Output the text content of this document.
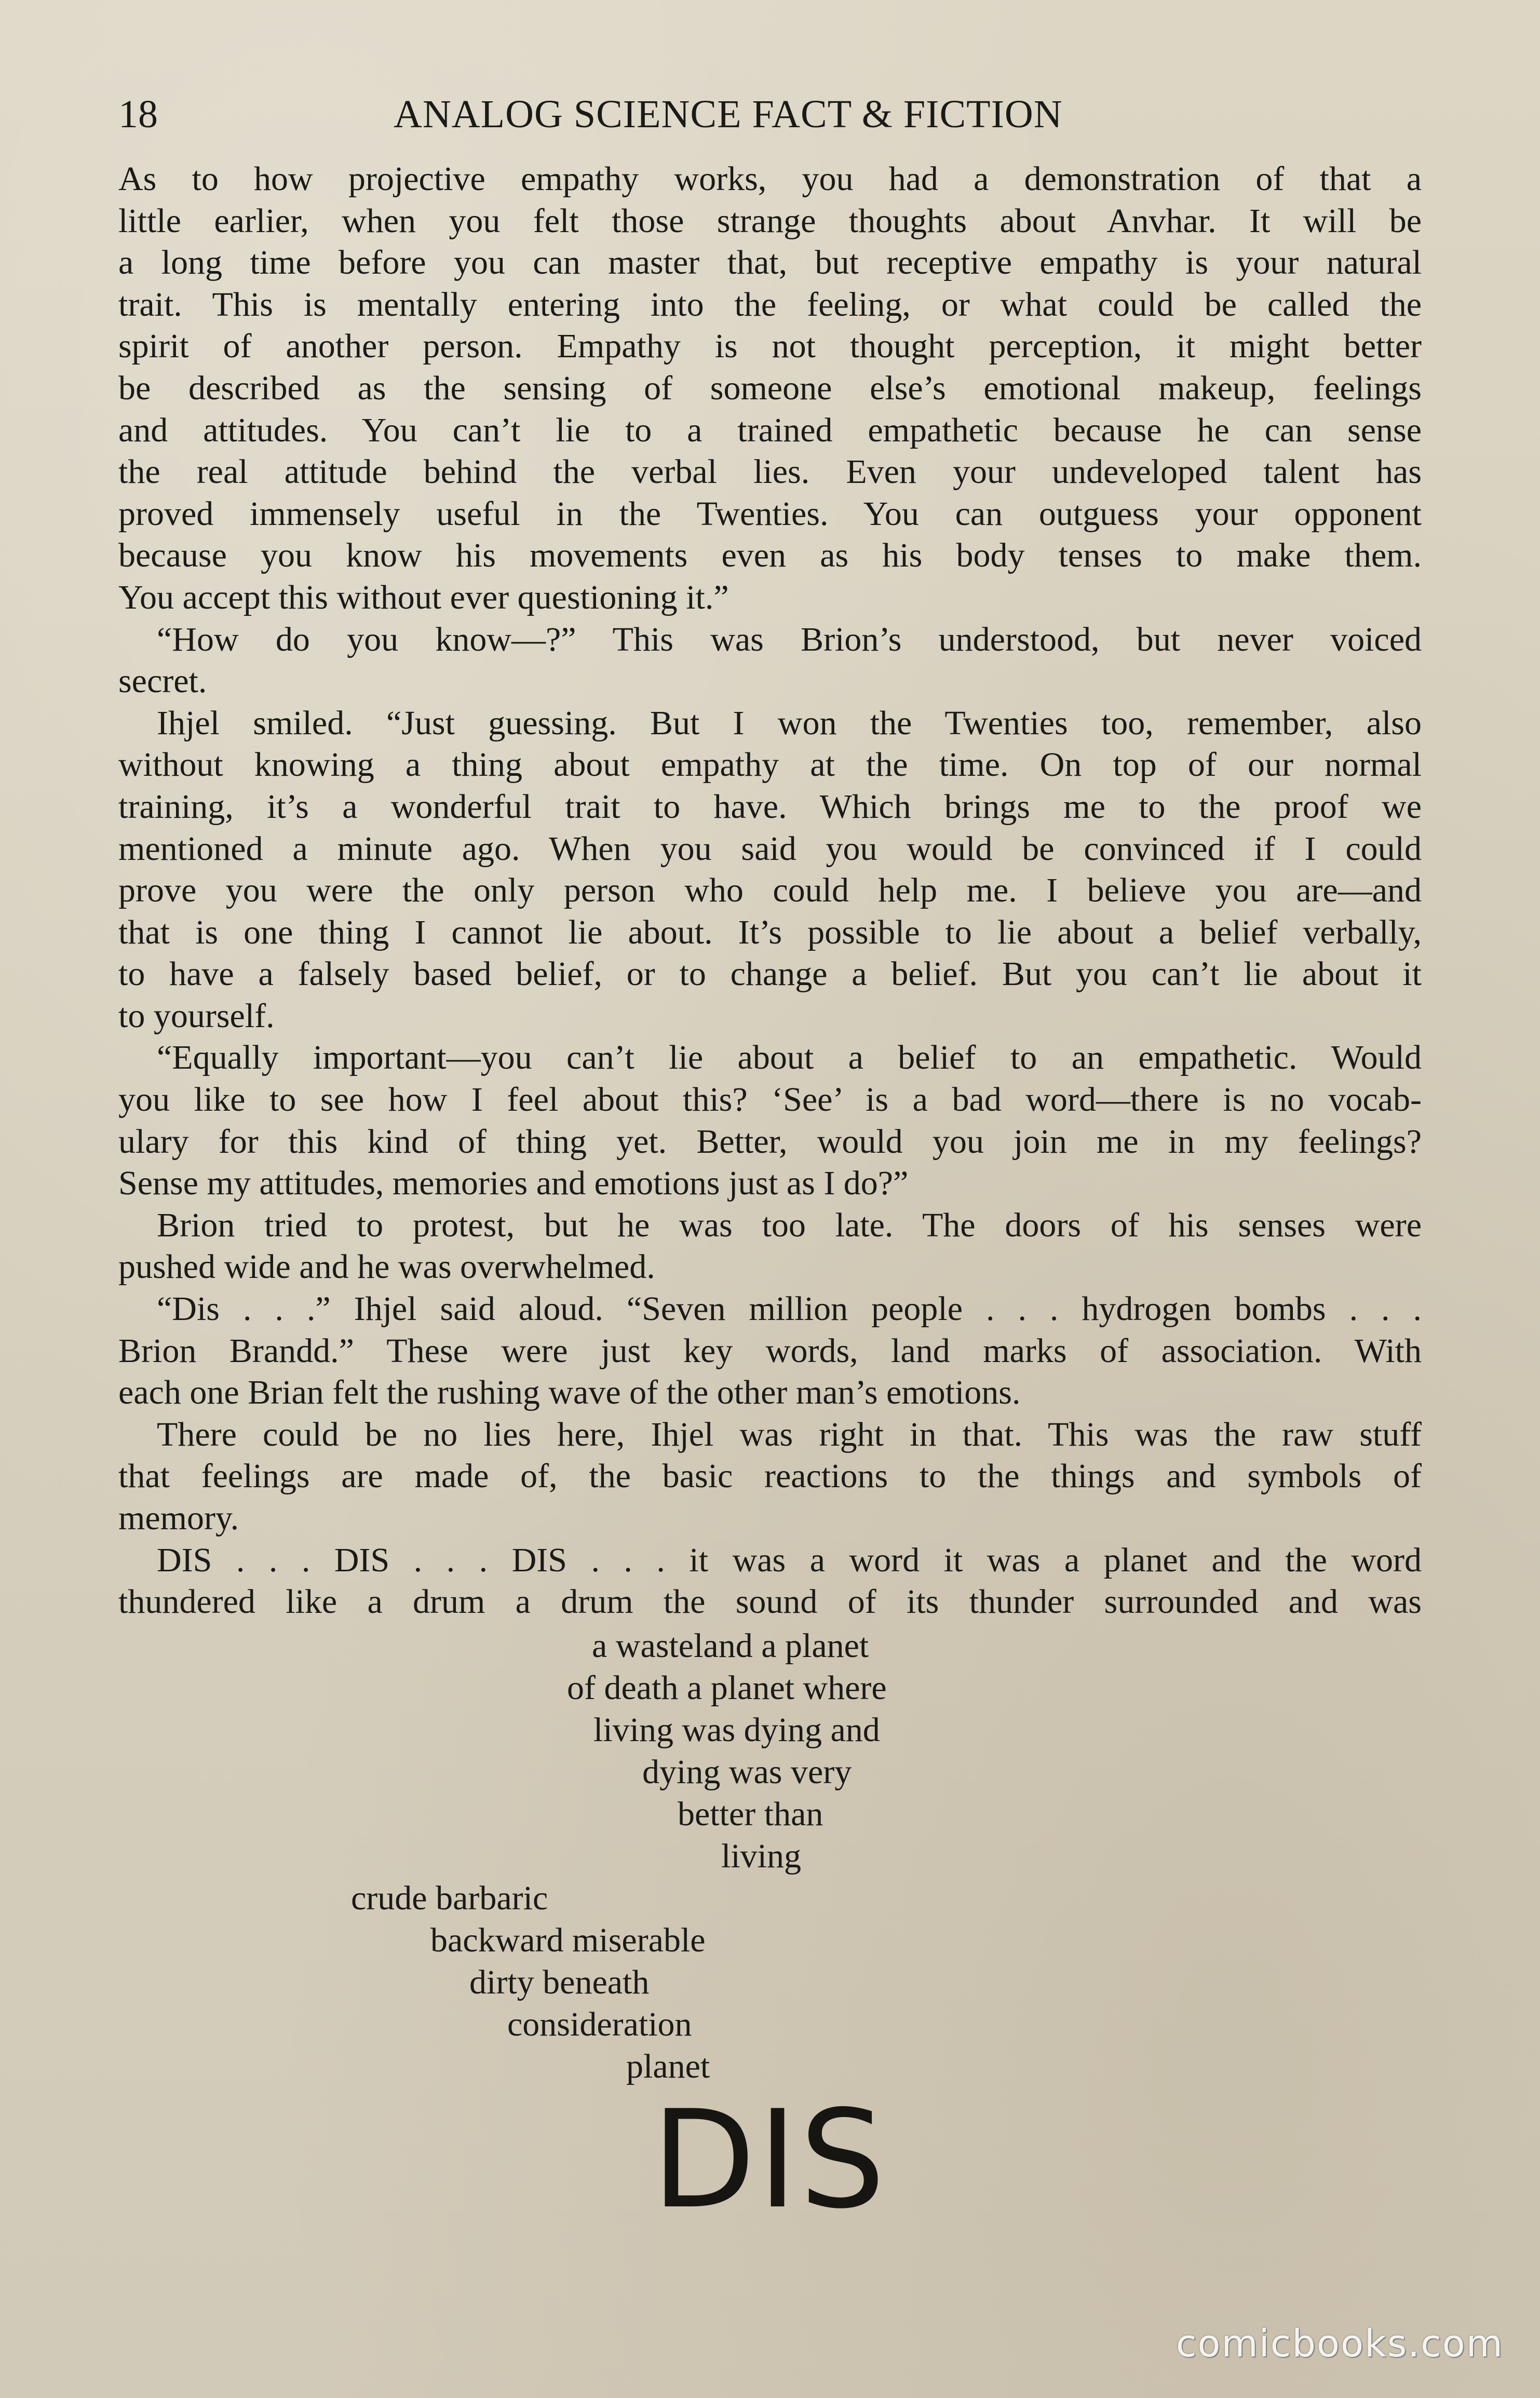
18	ANALOG SCIENCE FACT & FICTION
As to how projective empathy works, you had a demonstration of that a
little earlier, when you felt those strange thoughts about Anvhar. It will be
a long time before you can master that, but receptive empathy is your natural
trait. This is mentally entering into the feeling, or what could be called the
spirit of another person. Empathy is not thought perception, it might better
be described as the sensing of someone else’s emotional makeup, feelings
and attitudes. You can’t lie to a trained empathetic because he can sense
the real attitude behind the verbal lies. Even your undeveloped talent has
proved immensely useful in the Twenties. You can outguess your opponent
because you know his movements even as his body tenses to make them.
You accept this without ever questioning it.”
“How do you know—?” This was Brion’s understood, but never voiced
secret.
Ihjel smiled. “Just guessing. But I won the Twenties too, remember, also
without knowing a thing about empathy at the time. On top of our normal
training, it’s a wonderful trait to have. Which brings me to the proof we
mentioned a minute ago. When you said you would be convinced if I could
prove you were the only person who could help me. I believe you are—and
that is one thing I cannot lie about. It’s possible to lie about a belief verbally,
to have a falsely based belief, or to change a belief. But you can’t lie about it
to yourself.
“Equally important—you can’t lie about a belief to an empathetic. Would
you like to see how I feel about this? ‘See’ is a bad word—there is no vocab-
ulary for this kind of thing yet. Better, would you join me in my feelings?
Sense my attitudes, memories and emotions just as I do?”
Brion tried to protest, but he was too late. The doors of his senses were
pushed wide and he was overwhelmed.
“Dis . . .” Ihjel said aloud. “Seven million people . . . hydrogen bombs . . .
Brion Brandd.” These were just key words, land marks of association. With
each one Brian felt the rushing wave of the other man’s emotions.
There could be no lies here, Ihjel was right in that. This was the raw stuff
that feelings are made of, the basic reactions to the things and symbols of
memory.
DIS . . . DIS . . . DIS . . . it was a word it was a planet and the word
thundered like a drum a drum the sound of its thunder surrounded and was
a wasteland a planet
of death a planet where
living was dying and
dying was very
better than
living
crude barbaric
backward miserable
dirty beneath
consideration
planet
DIS
comicbooks.com
